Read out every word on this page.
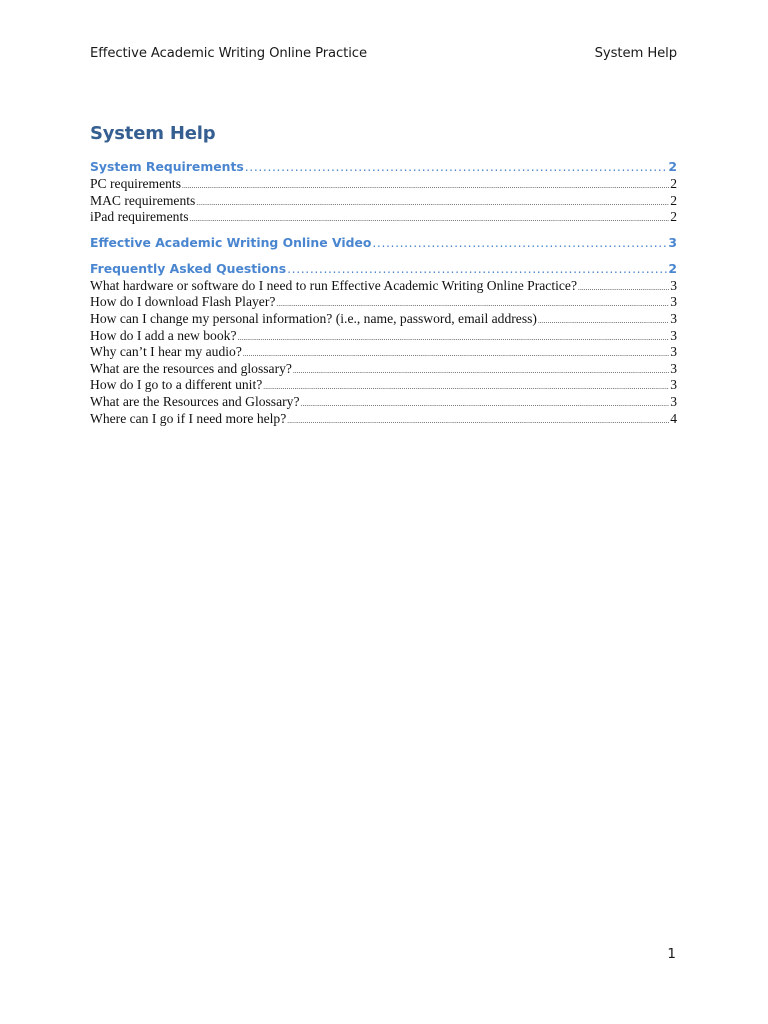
Effective Academic Writing Online Practice	System Help
System Help
System Requirements .....	2
PC requirements .....	2
MAC requirements .....	2
iPad requirements .....	2
Effective Academic Writing Online Video .....	3
Frequently Asked Questions .....	2
What hardware or software do I need to run Effective Academic Writing Online Practice? .....	3
How do I download Flash Player? .....	3
How can I change my personal information? (i.e., name, password, email address) .....	3
How do I add a new book? .....	3
Why can’t I hear my audio? .....	3
What are the resources and glossary? .....	3
How do I go to a different unit? .....	3
What are the Resources and Glossary? .....	3
Where can I go if I need more help? .....	4
1
